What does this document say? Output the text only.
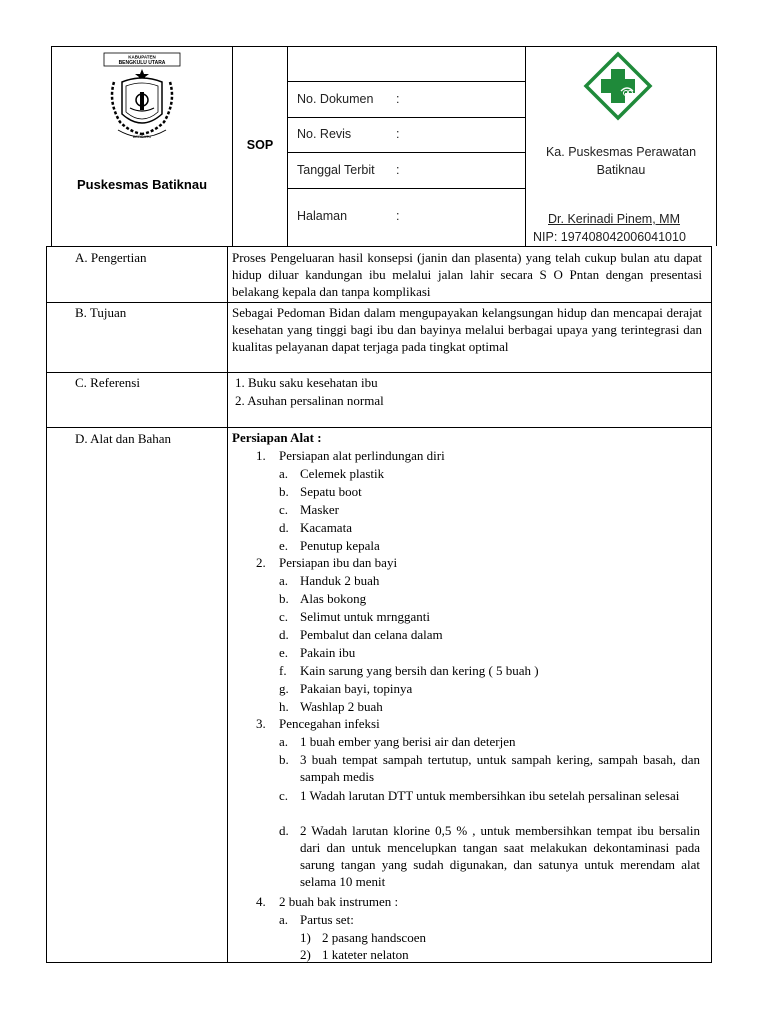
KABUPATEN
BENGKULU UTARA
BERSATU
Puskesmas Batiknau
SOP
No. Dokumen :
No. Revis	:
Tanggal Terbit :
Halaman	:
Ka. Puskesmas Perawatan Batiknau
Dr. Kerinadi Pinem, MM
NIP: 197408042006041010
A. Pengertian	Proses Pengeluaran hasil konsepsi (janin dan plasenta) yang telah cukup bulan atu dapat hidup diluar kandungan ibu melalui jalan lahir secara S O Pntan dengan presentasi belakang kepala dan tanpa komplikasi
B. Tujuan	Sebagai Pedoman Bidan dalam mengupayakan kelangsungan hidup dan mencapai derajat kesehatan yang tinggi bagi ibu dan bayinya melalui berbagai upaya yang terintegrasi dan kualitas pelayanan dapat terjaga pada tingkat optimal
C. Referensi	1. Buku saku kesehatan ibu
2. Asuhan persalinan normal
D. Alat dan Bahan	Persiapan Alat :
1. Persiapan alat perlindungan diri
a. Celemek plastik
b. Sepatu boot
c. Masker
d. Kacamata
e. Penutup kepala
2. Persiapan ibu dan bayi
a. Handuk 2 buah
b. Alas bokong
c. Selimut untuk mrngganti
d. Pembalut dan celana dalam
e. Pakain ibu
f. Kain sarung yang bersih dan kering ( 5 buah )
g. Pakaian bayi, topinya
h. Washlap 2 buah
3. Pencegahan infeksi
a. 1 buah ember yang berisi air dan deterjen
b. 3 buah tempat sampah tertutup, untuk sampah kering, sampah basah, dan sampah medis
c. 1 Wadah larutan DTT untuk membersihkan ibu setelah persalinan selesai
d. 2 Wadah larutan klorine 0,5 % , untuk membersihkan tempat ibu bersalin dari dan untuk mencelupkan tangan saat melakukan dekontaminasi pada sarung tangan yang sudah digunakan, dan satunya untuk merendam alat selama 10 menit
4. 2 buah bak instrumen :
a. Partus set:
1) 2 pasang handscoen
2) 1 kateter nelaton
